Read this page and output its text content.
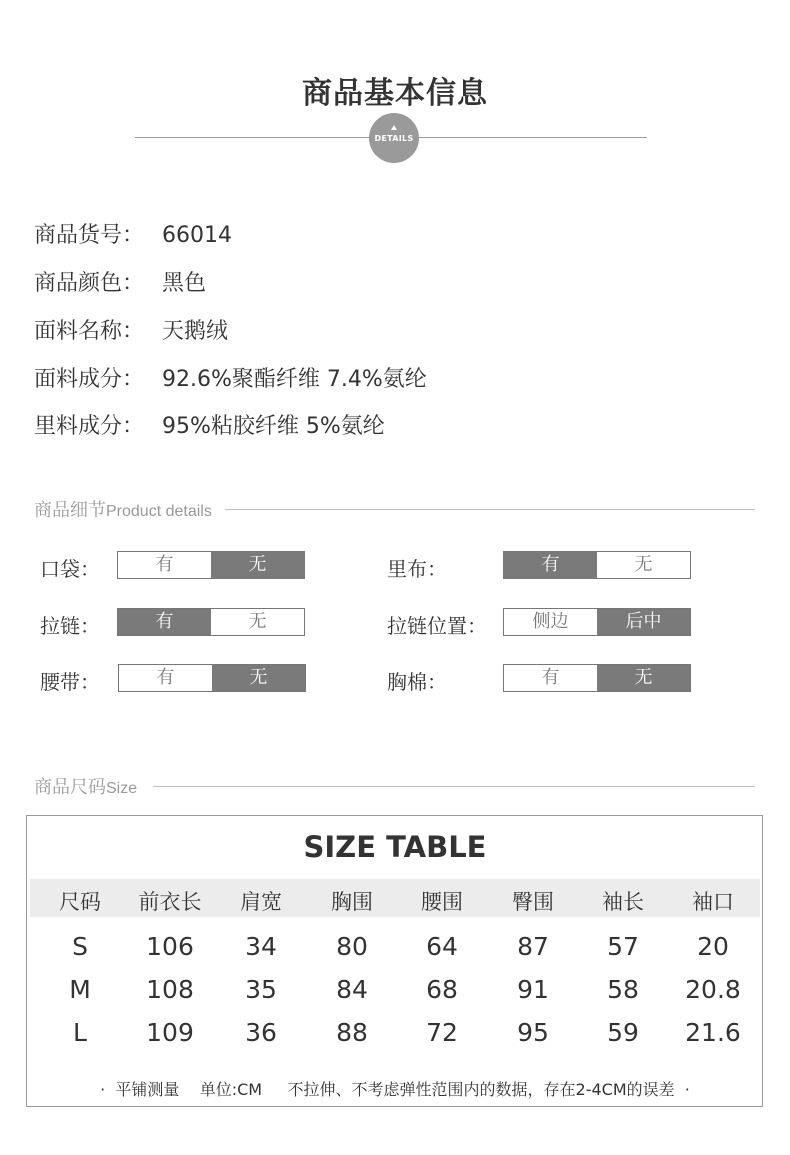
商品基本信息
DETAILS
商品货号： 66014
商品颜色： 黑色
面料名称： 天鹅绒
面料成分： 92.6%聚酯纤维 7.4%氨纶
里料成分： 95%粘胶纤维 5%氨纶
商品细节Product details
口袋：	有	无	里布：	有	无
拉链：	有	无	拉链位置：	侧边	后中
腰带：	有	无	胸棉：	有	无
商品尺码Size
SIZE TABLE
尺码	前衣长	肩宽	胸围	腰围	臀围	袖长	袖口
S	106	34	80	64	87	57	20
M	108	35	84	68	91	58	20.8
L	109	36	88	72	95	59	21.6
·  平铺测量    单位:CM     不拉伸、不考虑弹性范围内的数据，存在2-4CM的误差  ·
